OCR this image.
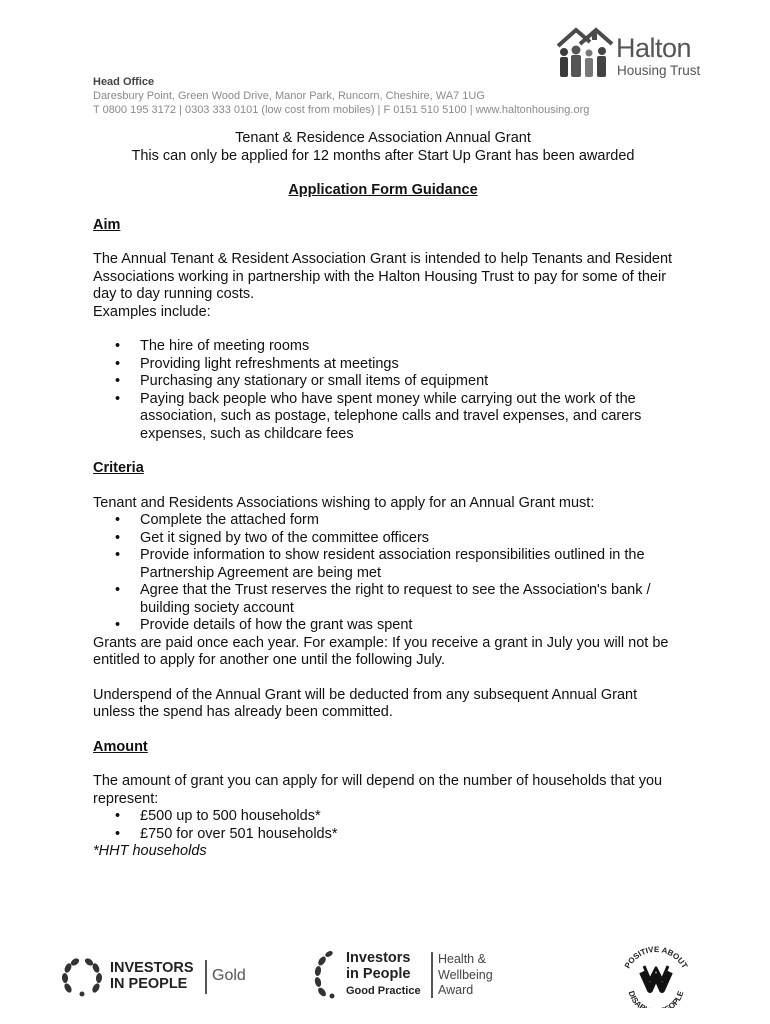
Halton
Housing Trust
Head Office
Daresbury Point, Green Wood Drive, Manor Park, Runcorn, Cheshire, WA7 1UG
T 0800 195 3172 | 0303 333 0101 (low cost from mobiles) | F 0151 510 5100 | www.haltonhousing.org

Tenant & Residence Association Annual Grant

This can only be applied for 12 months after Start Up Grant has been awarded

Application Form Guidance

Aim

The Annual Tenant & Resident Association Grant is intended to help Tenants and Resident Associations working in partnership with the Halton Housing Trust to pay for some of their day to day running costs.

Examples include:

• The hire of meeting rooms
• Providing light refreshments at meetings
• Purchasing any stationary or small items of equipment
• Paying back people who have spent money while carrying out the work of the association, such as postage, telephone calls and travel expenses, and carers expenses, such as childcare fees

Criteria

Tenant and Residents Associations wishing to apply for an Annual Grant must:

• Complete the attached form
• Get it signed by two of the committee officers
• Provide information to show resident association responsibilities outlined in the Partnership Agreement are being met
• Agree that the Trust reserves the right to request to see the Association's bank / building society account
• Provide details of how the grant was spent

Grants are paid once each year. For example: If you receive a grant in July you will not be entitled to apply for another one until the following July.

Underspend of the Annual Grant will be deducted from any subsequent Annual Grant unless the spend has already been committed.

Amount

The amount of grant you can apply for will depend on the number of households that you represent:

• £500 up to 500 households*
• £750 for over 501 households*

*HHT households

INVESTORS
IN PEOPLE	Gold
Investors
in People
Good Practice
Health &
Wellbeing
Award
POSITIVE ABOUT
DISAB OPLE
